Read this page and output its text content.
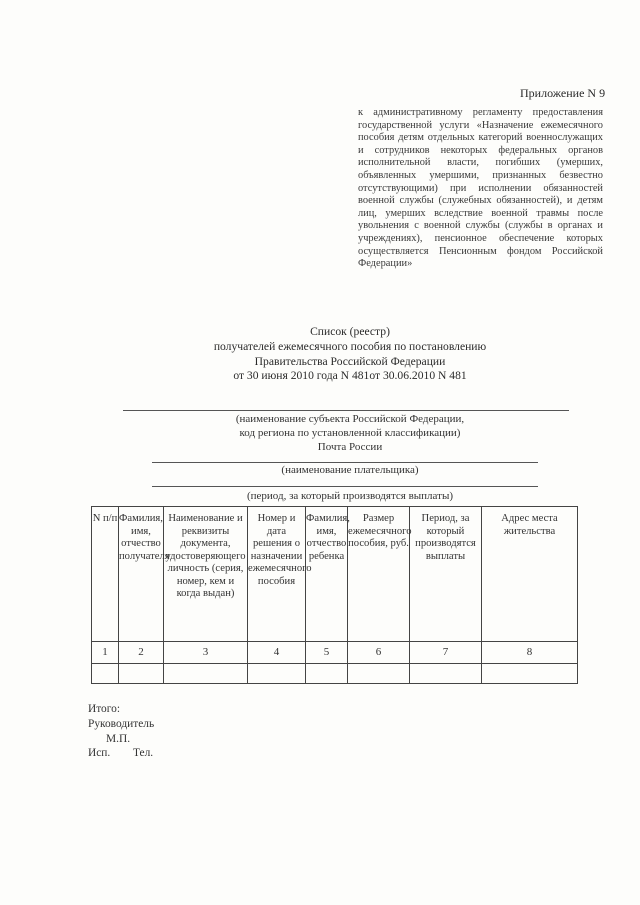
Приложение N 9
к административному регламенту предоставления государственной услуги «Назначение ежемесячного пособия детям отдельных категорий военнослужащих и сотрудников некоторых федеральных органов исполнительной власти, погибших (умерших, объявленных умершими, признанных безвестно отсутствующими) при исполнении обязанностей военной службы (служебных обязанностей), и детям лиц, умерших вследствие военной травмы после увольнения с военной службы (службы в органах и учреждениях), пенсионное обеспечение которых осуществляется Пенсионным фондом Российской Федерации»
Список (реестр)
получателей ежемесячного пособия по постановлению
Правительства Российской Федерации
от 30 июня 2010 года N 481от 30.06.2010 N 481
(наименование субъекта Российской Федерации,
код региона по установленной классификации)
Почта России
(наименование плательщика)
(период, за который производятся выплаты)
N п/п	Фамилия, имя, отчество получателя	Наименование и реквизиты документа, удостоверяющего личность (серия, номер, кем и когда выдан)	Номер и дата решения о назначении ежемесячного пособия	Фамилия, имя, отчество ребенка	Размер ежемесячного пособия, руб.	Период, за который производятся выплаты	Адрес места жительства
1	2	3	4	5	6	7	8

Итого:
Руководитель
М.П.
Исп. Тел.
